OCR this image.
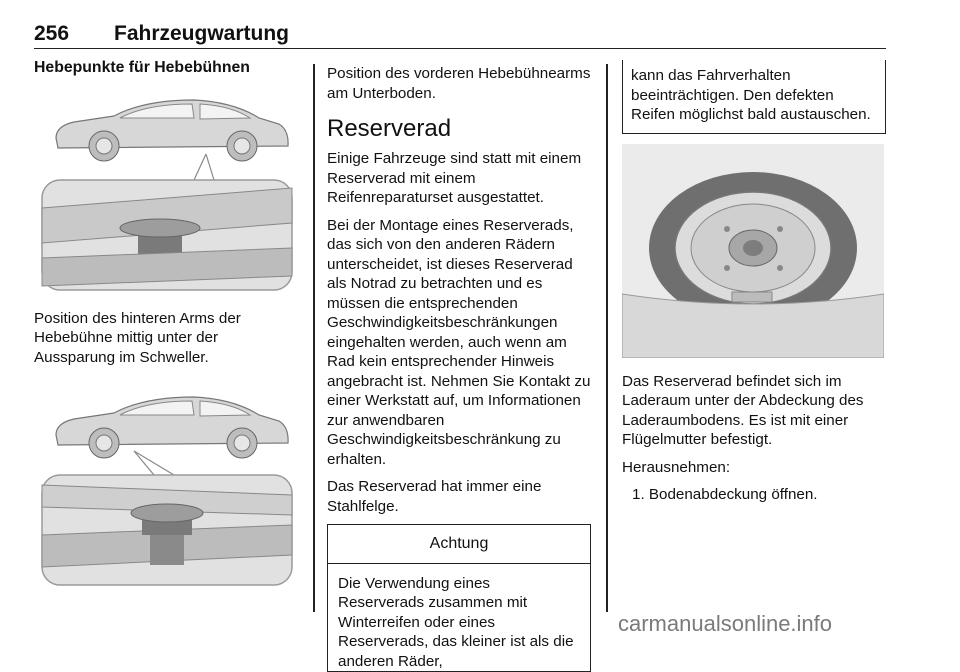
256 Fahrzeugwartung
Hebepunkte für Hebebühnen

Position des hinteren Arms der Hebebühne mittig unter der Aussparung im Schweller.

Position des vorderen Hebebühnearms am Unterboden.

Reserverad

Einige Fahrzeuge sind statt mit einem Reserverad mit einem Reifenreparaturset ausgestattet.

Bei der Montage eines Reserverads, das sich von den anderen Rädern unterscheidet, ist dieses Reserverad als Notrad zu betrachten und es müssen die entsprechenden Geschwindigkeitsbeschränkungen eingehalten werden, auch wenn am Rad kein entsprechender Hinweis angebracht ist. Nehmen Sie Kontakt zu einer Werkstatt auf, um Informationen zur anwendbaren Geschwindigkeitsbeschränkung zu erhalten.

Das Reserverad hat immer eine Stahlfelge.

Achtung
Die Verwendung eines Reserverads zusammen mit Winterreifen oder eines Reserverads, das kleiner ist als die anderen Räder,
kann das Fahrverhalten beeinträchtigen. Den defekten Reifen möglichst bald austauschen.

Das Reserverad befindet sich im Laderaum unter der Abdeckung des Laderaumbodens. Es ist mit einer Flügelmutter befestigt.

Herausnehmen:

1. Bodenabdeckung öffnen.

carmanualsonline.info
